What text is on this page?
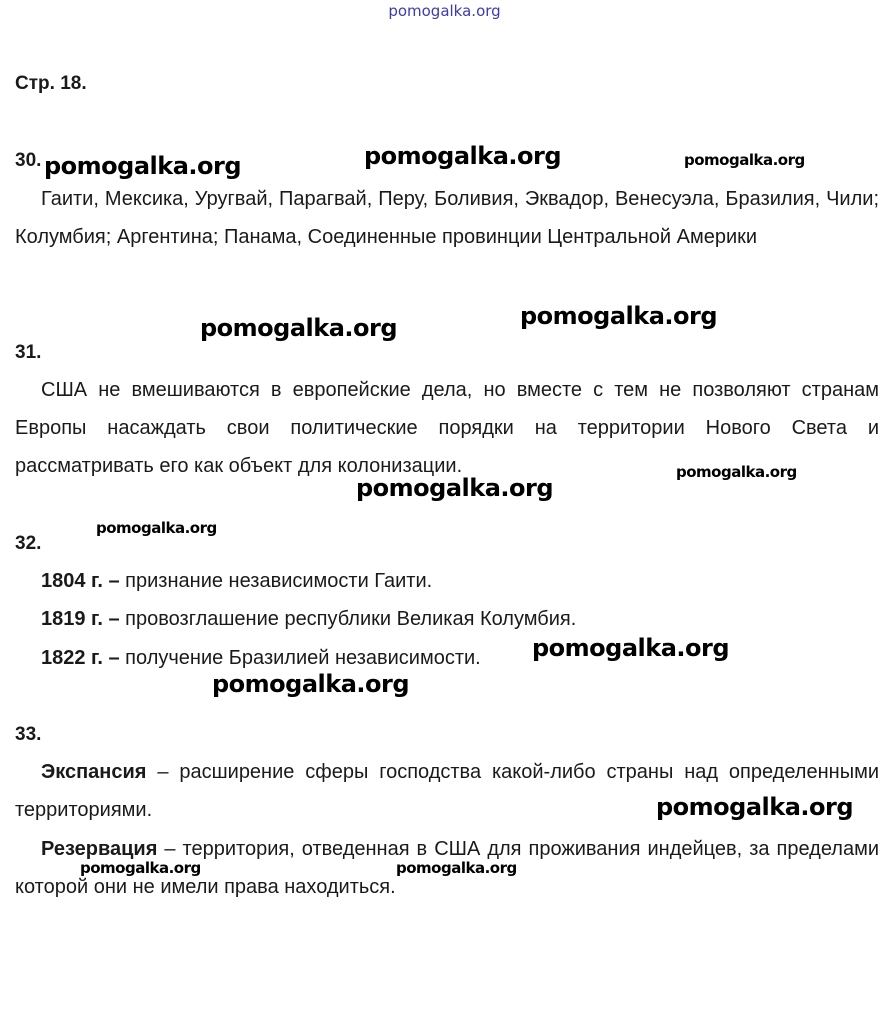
pomogalka.org
Стр. 18.
30.

Гаити, Мексика, Уругвай, Парагвай, Перу, Боливия, Эквадор, Венесуэла, Бразилия, Чили; Колумбия; Аргентина; Панама, Соединенные провинции Центральной Америки

31.

США не вмешиваются в европейские дела, но вместе с тем не позволяют странам Европы насаждать свои политические порядки на территории Нового Света и рассматривать его как объект для колонизации.

32.
1804 г. – признание независимости Гаити.
1819 г. – провозглашение республики Великая Колумбия.
1822 г. – получение Бразилией независимости.
33.

Экспансия – расширение сферы господства какой-либо страны над определенными территориями.

Резервация – территория, отведенная в США для проживания индейцев, за пределами которой они не имели права находиться.

pomogalka.org	pomogalka.org	pomogalka.org
pomogalka.org	pomogalka.org
pomogalka.org
pomogalka.org
pomogalka.org
pomogalka.org
pomogalka.org
pomogalka.org
pomogalka.org	pomogalka.org
